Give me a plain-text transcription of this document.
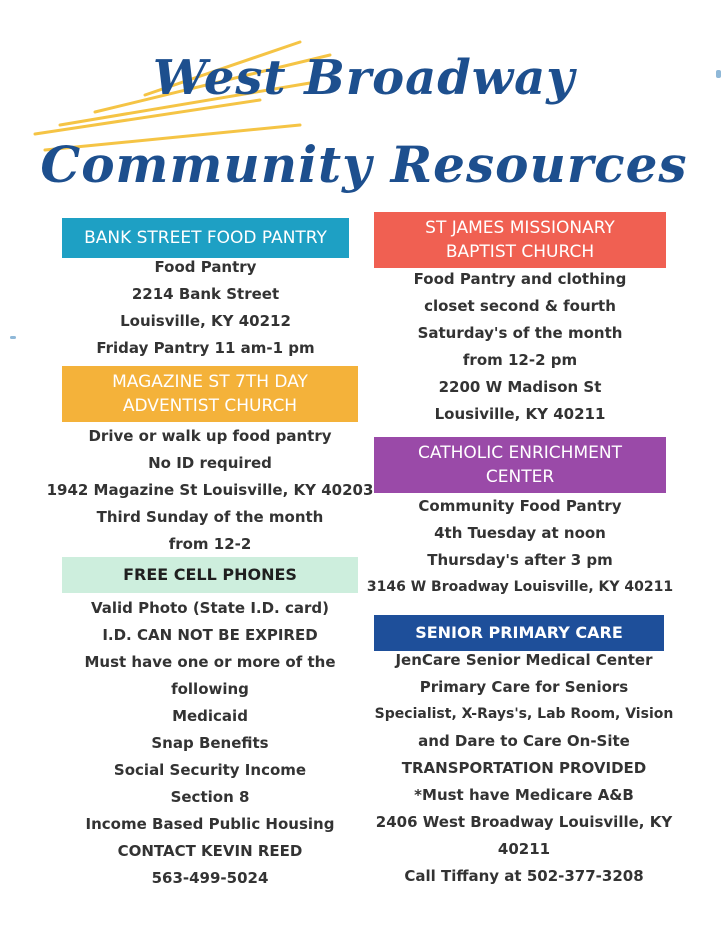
West Broadway
Community Resources
BANK STREET FOOD PANTRY
Food Pantry
2214 Bank Street
Louisville, KY 40212
Friday Pantry 11 am-1 pm
MAGAZINE ST 7TH DAY
ADVENTIST CHURCH
Drive or walk up food pantry
No ID required
1942 Magazine St Louisville, KY 40203
Third Sunday of the month
from 12-2
FREE CELL PHONES
Valid Photo (State I.D. card)
I.D. CAN NOT BE EXPIRED
Must have one or more of the
following
Medicaid
Snap Benefits
Social Security Income
Section 8
Income Based Public Housing
CONTACT KEVIN REED
563-499-5024
ST JAMES MISSIONARY
BAPTIST CHURCH
Food Pantry and clothing
closet second & fourth
Saturday's of the month
from 12-2 pm
2200 W Madison St
Lousiville, KY 40211
CATHOLIC ENRICHMENT
CENTER
Community Food Pantry
4th Tuesday at noon
Thursday's after 3 pm
3146 W Broadway Louisville, KY 40211
SENIOR PRIMARY CARE
JenCare Senior Medical Center
Primary Care for Seniors
Specialist, X-Rays's, Lab Room, Vision
and Dare to Care On-Site
TRANSPORTATION PROVIDED
*Must have Medicare A&B
2406 West Broadway Louisville, KY
40211
Call Tiffany at 502-377-3208
